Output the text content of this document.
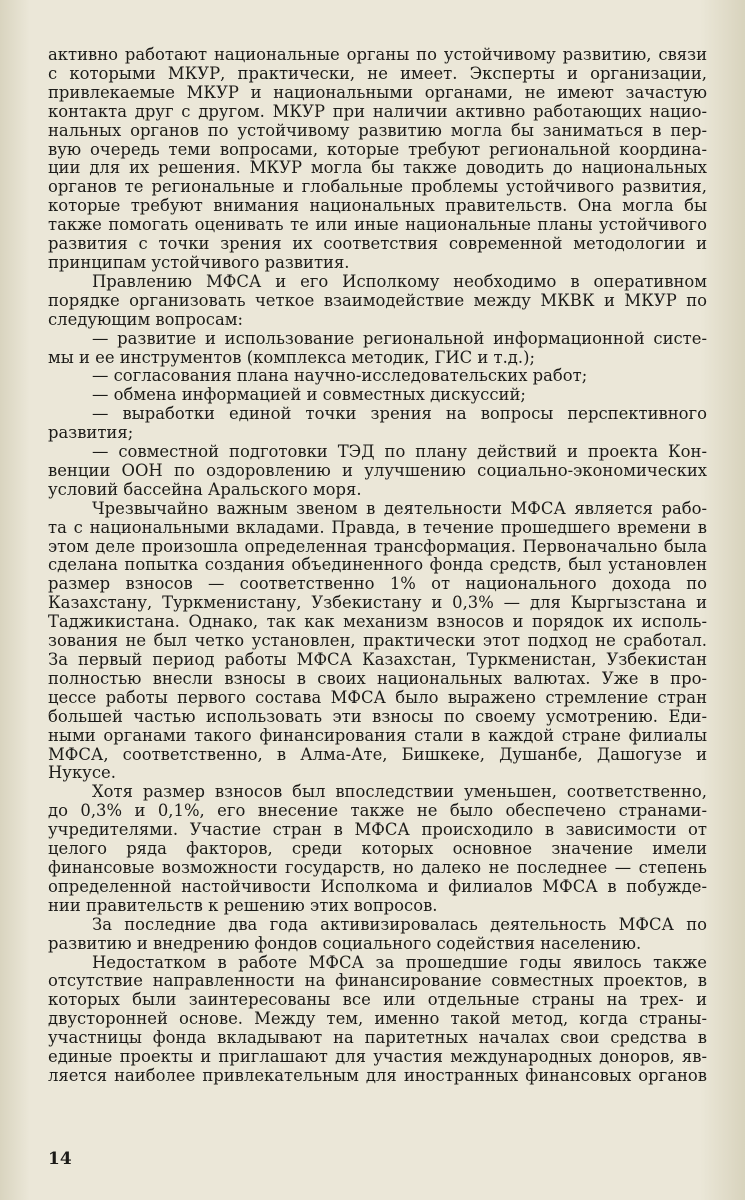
активно работают национальные органы по устойчивому развитию, связи
с которыми МКУР, практически, не имеет. Эксперты и организации,
привлекаемые МКУР и национальными органами, не имеют зачастую
контакта друг с другом. МКУР при наличии активно работающих нацио-
нальных органов по устойчивому развитию могла бы заниматься в пер-
вую очередь теми вопросами, которые требуют региональной координа-
ции для их решения. МКУР могла бы также доводить до национальных
органов те региональные и глобальные проблемы устойчивого развития,
которые требуют внимания национальных правительств. Она могла бы
также помогать оценивать те или иные национальные планы устойчивого
развития с точки зрения их соответствия современной методологии и
принципам устойчивого развития.
Правлению МФСА и его Исполкому необходимо в оперативном
порядке организовать четкое взаимодействие между МКВК и МКУР по
следующим вопросам:
— развитие и использование региональной информационной систе-
мы и ее инструментов (комплекса методик, ГИС и т.д.);
— согласования плана научно-исследовательских работ;
— обмена информацией и совместных дискуссий;
— выработки единой точки зрения на вопросы перспективного
развития;
— совместной подготовки ТЭД по плану действий и проекта Кон-
венции ООН по оздоровлению и улучшению социально-экономических
условий бассейна Аральского моря.
Чрезвычайно важным звеном в деятельности МФСА является рабо-
та с национальными вкладами. Правда, в течение прошедшего времени в
этом деле произошла определенная трансформация. Первоначально была
сделана попытка создания объединенного фонда средств, был установлен
размер взносов — соответственно 1% от национального дохода по
Казахстану, Туркменистану, Узбекистану и 0,3% — для Кыргызстана и
Таджикистана. Однако, так как механизм взносов и порядок их исполь-
зования не был четко установлен, практически этот подход не сработал.
За первый период работы МФСА Казахстан, Туркменистан, Узбекистан
полностью внесли взносы в своих национальных валютах. Уже в про-
цессе работы первого состава МФСА было выражено стремление стран
большей частью использовать эти взносы по своему усмотрению. Еди-
ными органами такого финансирования стали в каждой стране филиалы
МФСА, соответственно, в Алма-Ате, Бишкеке, Душанбе, Дашогузе и
Нукусе.
Хотя размер взносов был впоследствии уменьшен, соответственно,
до 0,3% и 0,1%, его внесение также не было обеспечено странами-
учредителями. Участие стран в МФСА происходило в зависимости от
целого ряда факторов, среди которых основное значение имели
финансовые возможности государств, но далеко не последнее — степень
определенной настойчивости Исполкома и филиалов МФСА в побужде-
нии правительств к решению этих вопросов.
За последние два года активизировалась деятельность МФСА по
развитию и внедрению фондов социального содействия населению.
Недостатком в работе МФСА за прошедшие годы явилось также
отсутствие направленности на финансирование совместных проектов, в
которых были заинтересованы все или отдельные страны на трех- и
двусторонней основе. Между тем, именно такой метод, когда страны-
участницы фонда вкладывают на паритетных началах свои средства в
единые проекты и приглашают для участия международных доноров, яв-
ляется наиболее привлекательным для иностранных финансовых органов
14
